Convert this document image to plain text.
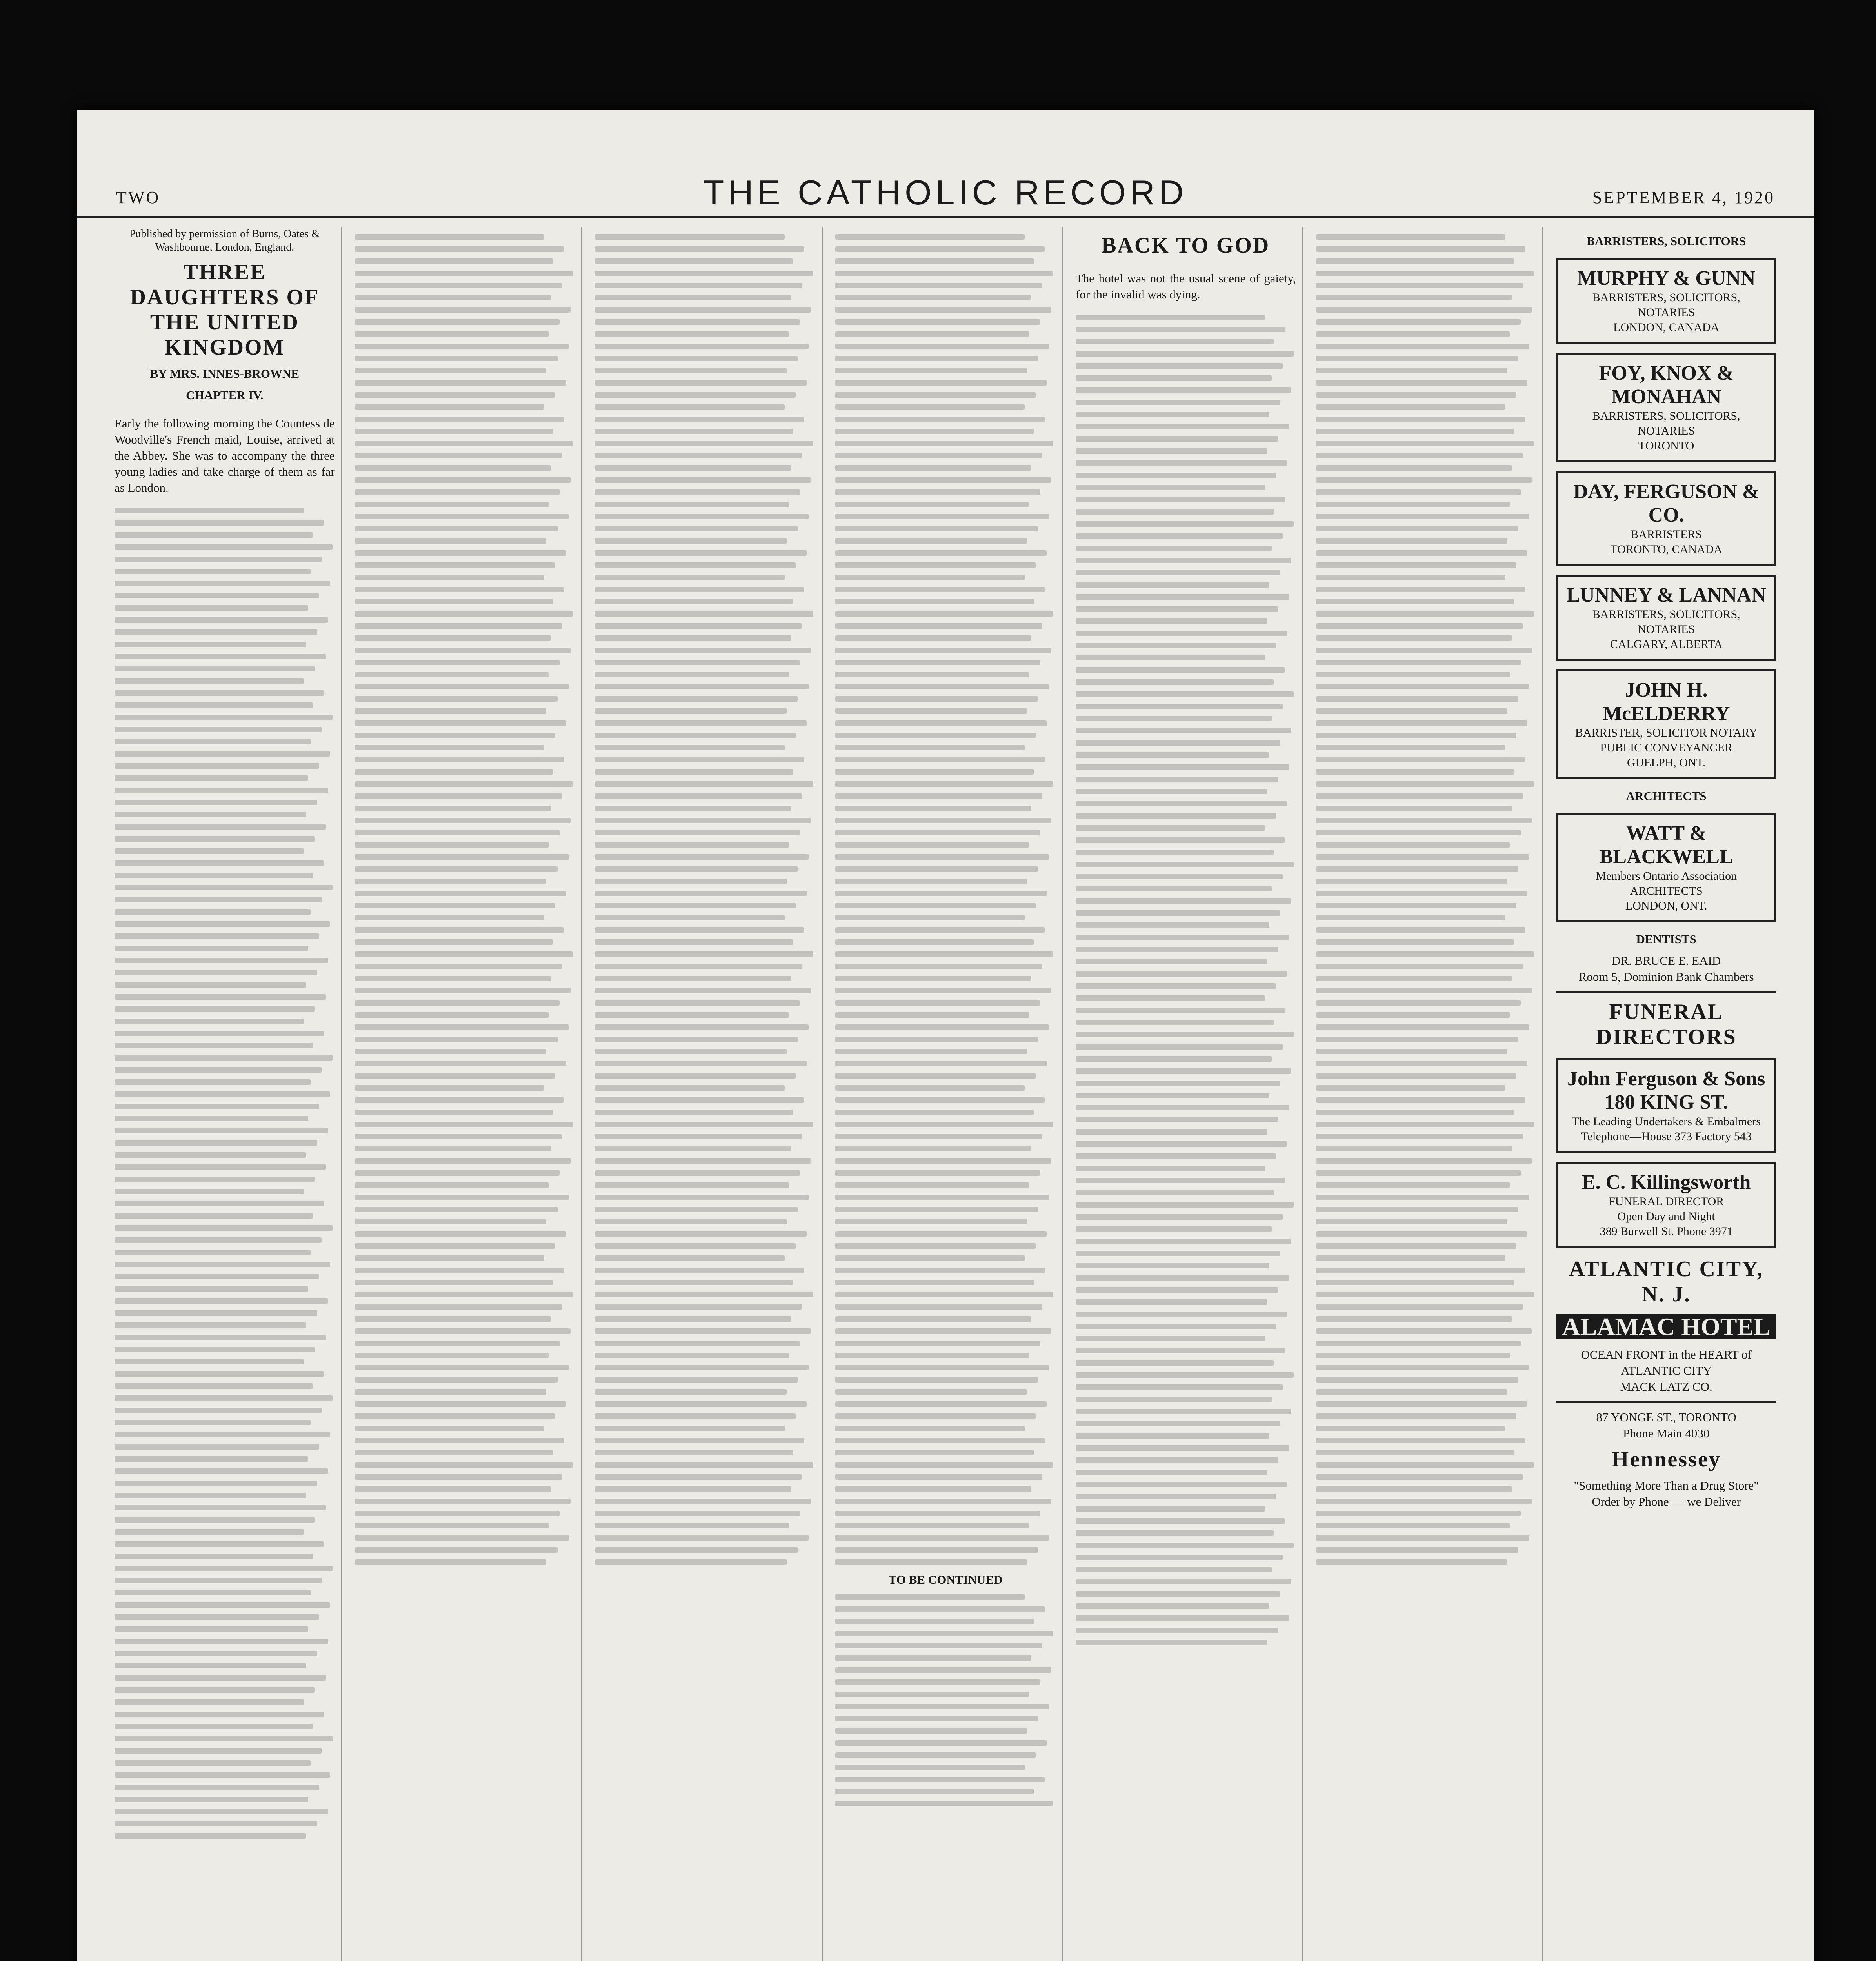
TWO	THE CATHOLIC RECORD	SEPTEMBER 4, 1920
Published by permission of Burns, Oates & Washbourne, London, England.
THREE DAUGHTERS OF THE UNITED KINGDOM
BY MRS. INNES-BROWNE
CHAPTER IV.

Early the following morning the Countess de Woodville's French maid, Louise, arrived at the Abbey. She was to accompany the three young ladies and take charge of them as far as London.

TO BE CONTINUED
BACK TO GOD

The hotel was not the usual scene of gaiety, for the invalid was dying.

BARRISTERS, SOLICITORS
MURPHY & GUNN
BARRISTERS, SOLICITORS, NOTARIES
LONDON, CANADA
FOY, KNOX & MONAHAN
BARRISTERS, SOLICITORS, NOTARIES
TORONTO
DAY, FERGUSON & CO.
BARRISTERS
TORONTO, CANADA
LUNNEY & LANNAN
BARRISTERS, SOLICITORS, NOTARIES
CALGARY, ALBERTA
JOHN H. McELDERRY
BARRISTER, SOLICITOR NOTARY PUBLIC CONVEYANCER
GUELPH, ONT.
ARCHITECTS
WATT & BLACKWELL
Members Ontario Association ARCHITECTS
LONDON, ONT.
DENTISTS
DR. BRUCE E. EAID
Room 5, Dominion Bank Chambers
FUNERAL DIRECTORS
John Ferguson & Sons
180 KING ST.
The Leading Undertakers & Embalmers
Telephone—House 373 Factory 543
E. C. Killingsworth
FUNERAL DIRECTOR
Open Day and Night
389 Burwell St. Phone 3971
ATLANTIC CITY, N. J.
ALAMAC HOTEL
OCEAN FRONT in the HEART of ATLANTIC CITY
MACK LATZ CO.
87 YONGE ST., TORONTO
Phone Main 4030
Hennessey
"Something More Than a Drug Store"
Order by Phone — we Deliver
